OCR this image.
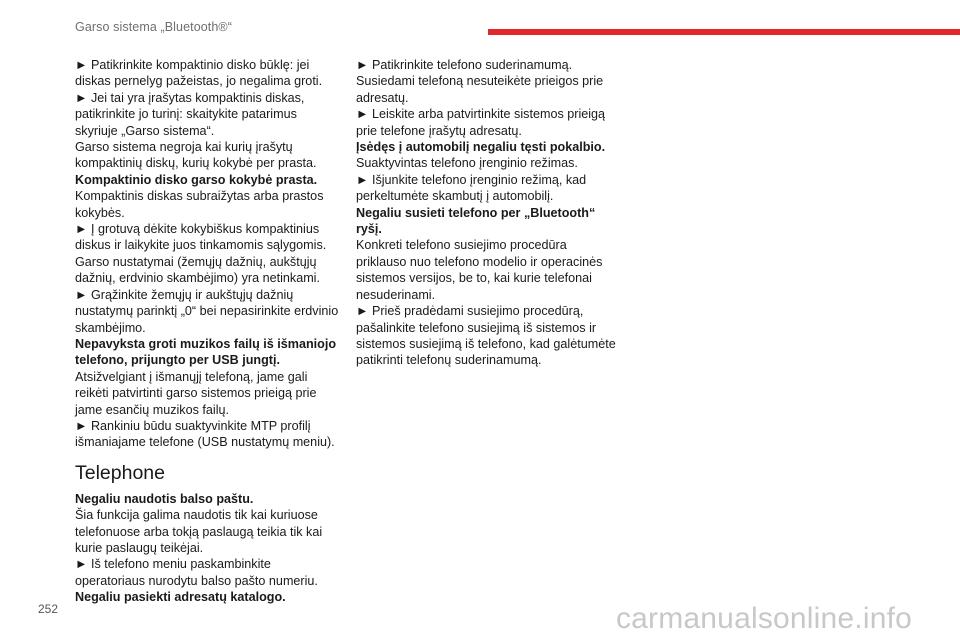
Garso sistema „Bluetooth®“

► Patikrinkite kompaktinio disko būklę: jei diskas pernelyg pažeistas, jo negalima groti.

► Jei tai yra įrašytas kompaktinis diskas, patikrinkite jo turinį: skaitykite patarimus skyriuje „Garso sistema“.

Garso sistema negroja kai kurių įrašytų kompaktinių diskų, kurių kokybė per prasta.

Kompaktinio disko garso kokybė prasta.

Kompaktinis diskas subraižytas arba prastos kokybės.

► Į grotuvą dėkite kokybiškus kompaktinius diskus ir laikykite juos tinkamomis sąlygomis.

Garso nustatymai (žemųjų dažnių, aukštųjų dažnių, erdvinio skambėjimo) yra netinkami.

► Grąžinkite žemųjų ir aukštųjų dažnių nustatymų parinktį „0“ bei nepasirinkite erdvinio skambėjimo.

Nepavyksta groti muzikos failų iš išmaniojo telefono, prijungto per USB jungtį.

Atsižvelgiant į išmanųjį telefoną, jame gali reikėti patvirtinti garso sistemos prieigą prie jame esančių muzikos failų.

► Rankiniu būdu suaktyvinkite MTP profilį išmaniajame telefone (USB nustatymų meniu).

Telephone

Negaliu naudotis balso paštu.

Šia funkcija galima naudotis tik kai kuriuose telefonuose arba tokįą paslaugą teikia tik kai kurie paslaugų teikėjai.

► Iš telefono meniu paskambinkite operatoriaus nurodytu balso pašto numeriu.

Negaliu pasiekti adresatų katalogo.

► Patikrinkite telefono suderinamumą.

Susiedami telefoną nesuteikėte prieigos prie adresatų.

► Leiskite arba patvirtinkite sistemos prieigą prie telefone įrašytų adresatų.

Įsėdęs į automobilį negaliu tęsti pokalbio.

Suaktyvintas telefono įrenginio režimas.

► Išjunkite telefono įrenginio režimą, kad perkeltumėte skambutį į automobilį.

Negaliu susieti telefono per „Bluetooth“ ryšį.

Konkreti telefono susiejimo procedūra priklauso nuo telefono modelio ir operacinės sistemos versijos, be to, kai kurie telefonai nesuderinami.

► Prieš pradėdami susiejimo procedūrą, pašalinkite telefono susiejimą iš sistemos ir sistemos susiejimą iš telefono, kad galėtumėte patikrinti telefonų suderinamumą.

252	carmanualsonline.info
